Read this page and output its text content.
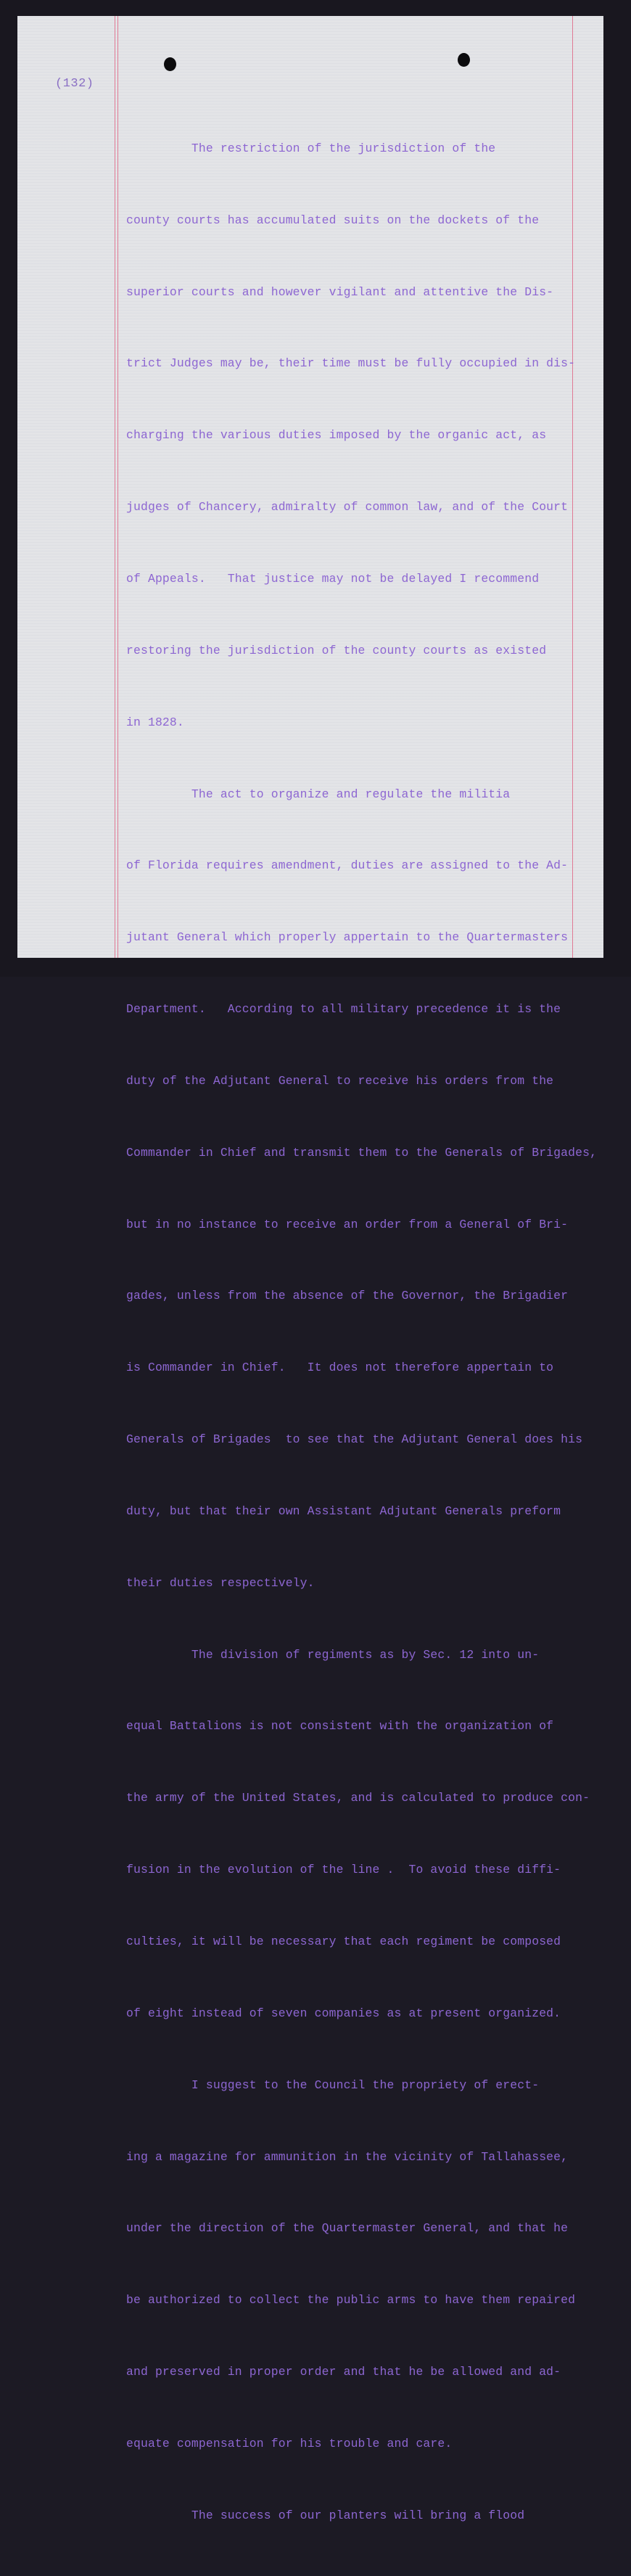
(132)

The restriction of the jurisdiction of the

county courts has accumulated suits on the dockets of the

superior courts and however vigilant and attentive the Dis-

trict Judges may be, their time must be fully occupied in dis-

charging the various duties imposed by the organic act, as

judges of Chancery, admiralty of common law, and of the Court

of Appeals.   That justice may not be delayed I recommend

restoring the jurisdiction of the county courts as existed

in 1828.

The act to organize and regulate the militia

of Florida requires amendment, duties are assigned to the Ad-

jutant General which properly appertain to the Quartermasters

Department.   According to all military precedence it is the

duty of the Adjutant General to receive his orders from the

Commander in Chief and transmit them to the Generals of Brigades,

but in no instance to receive an order from a General of Bri-

gades, unless from the absence of the Governor, the Brigadier

is Commander in Chief.   It does not therefore appertain to

Generals of Brigades  to see that the Adjutant General does his

duty, but that their own Assistant Adjutant Generals preform

their duties respectively.

The division of regiments as by Sec. 12 into un-

equal Battalions is not consistent with the organization of

the army of the United States, and is calculated to produce con-

fusion in the evolution of the line .  To avoid these diffi-

culties, it will be necessary that each regiment be composed

of eight instead of seven companies as at present organized.

I suggest to the Council the propriety of erect-

ing a magazine for ammunition in the vicinity of Tallahassee,

under the direction of the Quartermaster General, and that he

be authorized to collect the public arms to have them repaired

and preserved in proper order and that he be allowed and ad-

equate compensation for his trouble and care.

The success of our planters will bring a flood
